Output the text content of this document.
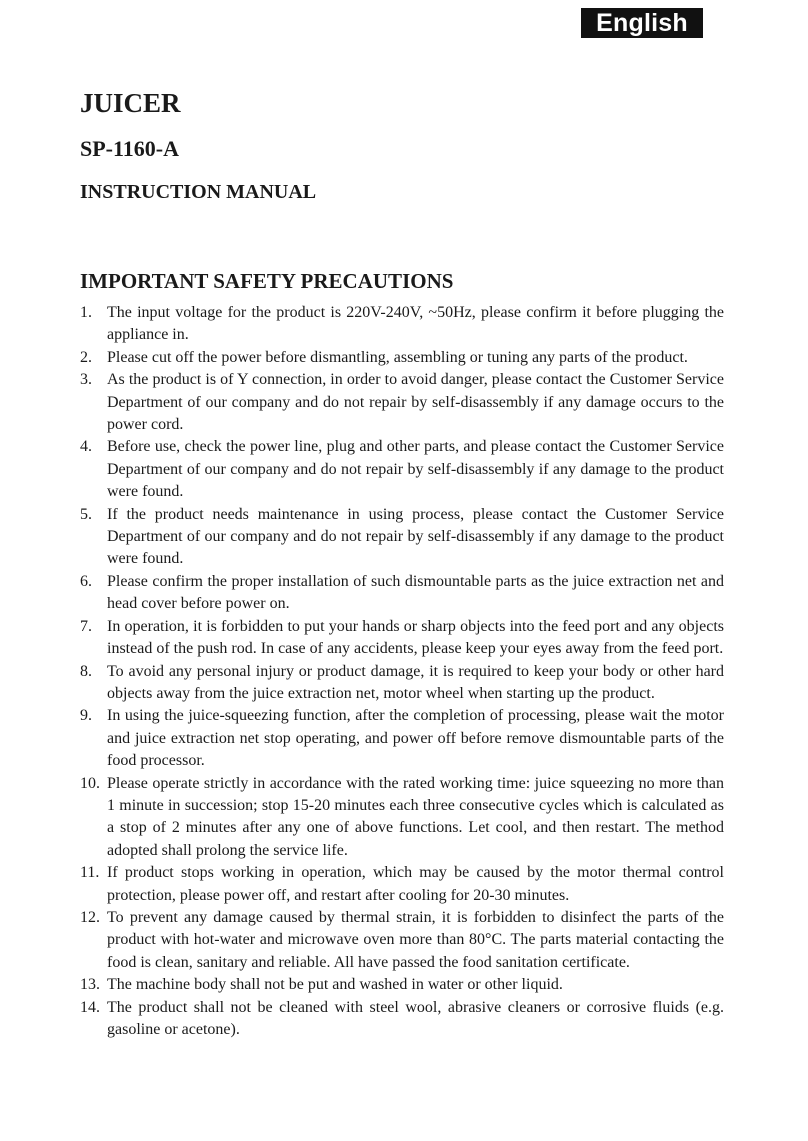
English
JUICER
SP-1160-A
INSTRUCTION MANUAL
IMPORTANT SAFETY PRECAUTIONS
1. The input voltage for the product is 220V-240V, ~50Hz, please confirm it before plugging the appliance in.
2. Please cut off the power before dismantling, assembling or tuning any parts of the product.
3. As the product is of Y connection, in order to avoid danger, please contact the Customer Service Department of our company and do not repair by self-disassembly if any damage occurs to the power cord.
4. Before use, check the power line, plug and other parts, and please contact the Customer Service Department of our company and do not repair by self-disassembly if any damage to the product were found.
5. If the product needs maintenance in using process, please contact the Customer Service Department of our company and do not repair by self-disassembly if any damage to the product were found.
6. Please confirm the proper installation of such dismountable parts as the juice extraction net and head cover before power on.
7. In operation, it is forbidden to put your hands or sharp objects into the feed port and any objects instead of the push rod. In case of any accidents, please keep your eyes away from the feed port.
8. To avoid any personal injury or product damage, it is required to keep your body or other hard objects away from the juice extraction net, motor wheel when starting up the product.
9. In using the juice-squeezing function, after the completion of processing, please wait the motor and juice extraction net stop operating, and power off before remove dismountable parts of the food processor.
10. Please operate strictly in accordance with the rated working time: juice squeezing no more than 1 minute in succession; stop 15-20 minutes each three consecutive cycles which is calculated as a stop of 2 minutes after any one of above functions. Let cool, and then restart. The method adopted shall prolong the service life.
11. If product stops working in operation, which may be caused by the motor thermal control protection, please power off, and restart after cooling for 20-30 minutes.
12. To prevent any damage caused by thermal strain, it is forbidden to disinfect the parts of the product with hot-water and microwave oven more than 80°C. The parts material contacting the food is clean, sanitary and reliable. All have passed the food sanitation certificate.
13. The machine body shall not be put and washed in water or other liquid.
14. The product shall not be cleaned with steel wool, abrasive cleaners or corrosive fluids (e.g. gasoline or acetone).
